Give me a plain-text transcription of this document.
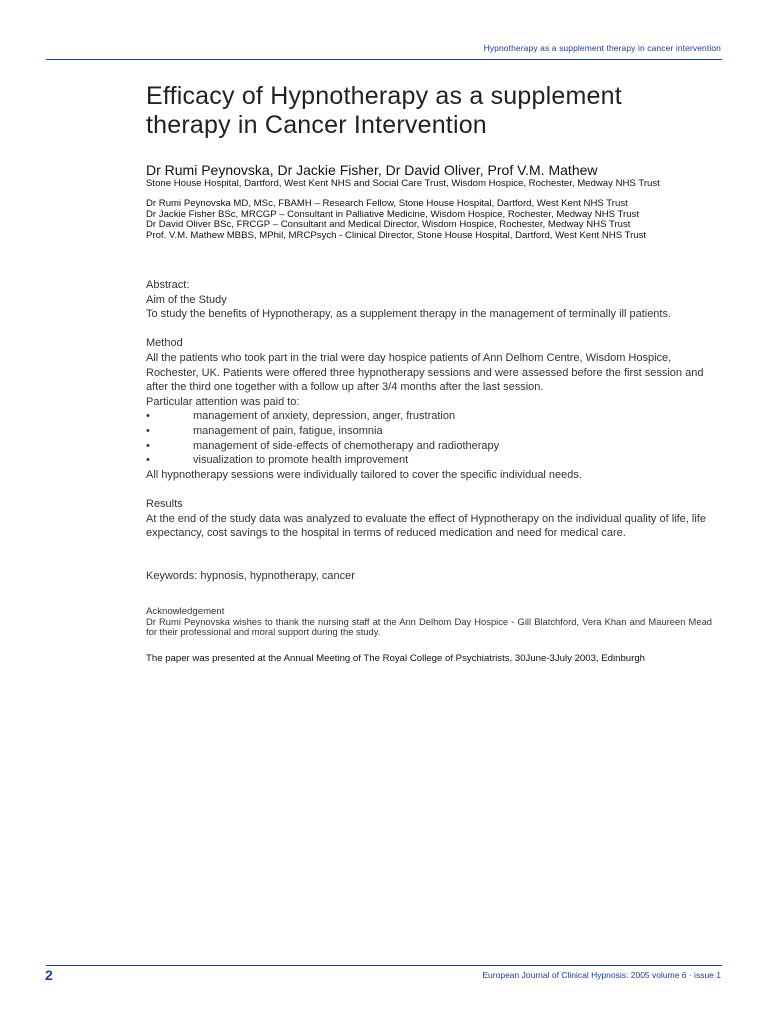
Hypnotherapy as a supplement therapy in cancer intervention
Efficacy of Hypnotherapy as a supplement
therapy in Cancer Intervention
Dr Rumi Peynovska, Dr Jackie Fisher, Dr David Oliver, Prof V.M. Mathew
Stone House Hospital, Dartford, West Kent NHS and Social Care Trust, Wisdom Hospice, Rochester, Medway NHS Trust
Dr Rumi Peynovska MD, MSc, FBAMH – Research Fellow, Stone House Hospital, Dartford, West Kent NHS Trust
Dr Jackie Fisher BSc, MRCGP – Consultant in Palliative Medicine, Wisdom Hospice, Rochester, Medway NHS Trust
Dr David Oliver BSc, FRCGP – Consultant and Medical Director, Wisdom Hospice, Rochester, Medway NHS Trust
Prof. V.M. Mathew MBBS, MPhil, MRCPsych - Clinical Director, Stone House Hospital, Dartford, West Kent NHS Trust
Abstract:
Aim of the Study
To study the benefits of Hypnotherapy, as a supplement therapy in the management of terminally ill patients.
Method
All the patients who took part in the trial were day hospice patients of Ann Delhom Centre, Wisdom Hospice, Rochester, UK. Patients were offered three hypnotherapy sessions and were assessed before the first session and after the third one together with a follow up after 3/4 months after the last session.
Particular attention was paid to:
•	management of anxiety, depression, anger, frustration
•	management of pain, fatigue, insomnia
•	management of side-effects of chemotherapy and radiotherapy
•	visualization to promote health improvement
All hypnotherapy sessions were individually tailored to cover the specific individual needs.
Results
At the end of the study data was analyzed to evaluate the effect of Hypnotherapy on the individual quality of life, life expectancy, cost savings to the hospital in terms of reduced medication and need for medical care.
Keywords: hypnosis, hypnotherapy, cancer
Acknowledgement
Dr Rumi Peynovska wishes to thank the nursing staff at the Ann Delhom Day Hospice - Gill Blatchford, Vera Khan and Maureen Mead for their professional and moral support during the study.
The paper was presented at the Annual Meeting of The Royal College of Psychiatrists, 30June-3July 2003, Edinburgh
2	European Journal of Clinical Hypnosis: 2005 volume 6 · issue 1
